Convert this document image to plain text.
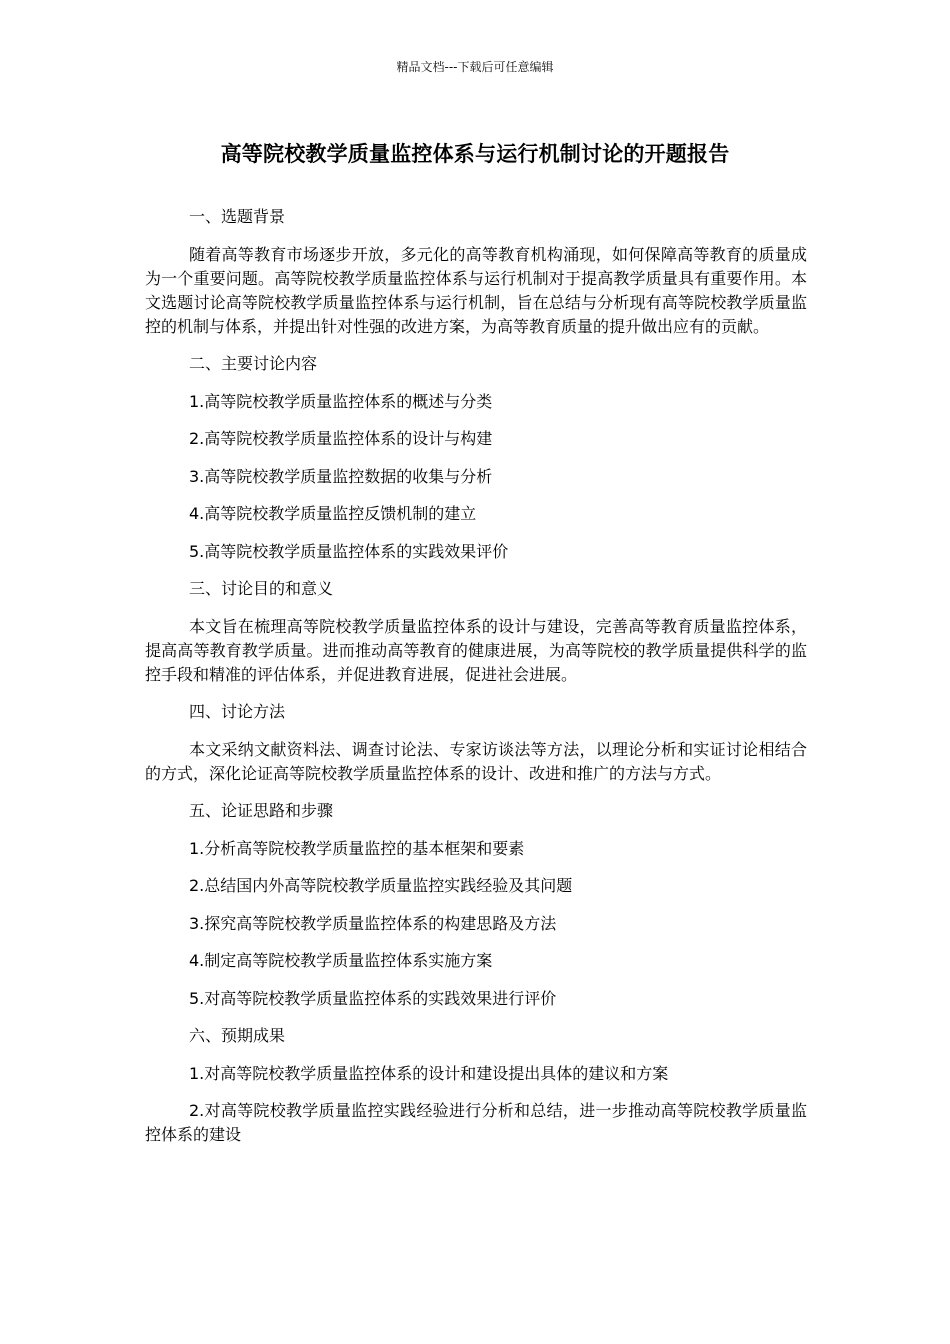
精品文档---下载后可任意编辑
高等院校教学质量监控体系与运行机制讨论的开题报告

一、选题背景

随着高等教育市场逐步开放，多元化的高等教育机构涌现，如何保障高等教育的质量成为一个重要问题。高等院校教学质量监控体系与运行机制对于提高教学质量具有重要作用。本文选题讨论高等院校教学质量监控体系与运行机制，旨在总结与分析现有高等院校教学质量监控的机制与体系，并提出针对性强的改进方案，为高等教育质量的提升做出应有的贡献。

二、主要讨论内容

1.高等院校教学质量监控体系的概述与分类

2.高等院校教学质量监控体系的设计与构建

3.高等院校教学质量监控数据的收集与分析

4.高等院校教学质量监控反馈机制的建立

5.高等院校教学质量监控体系的实践效果评价

三、讨论目的和意义

本文旨在梳理高等院校教学质量监控体系的设计与建设，完善高等教育质量监控体系，提高高等教育教学质量。进而推动高等教育的健康进展，为高等院校的教学质量提供科学的监控手段和精准的评估体系，并促进教育进展，促进社会进展。

四、讨论方法

本文采纳文献资料法、调查讨论法、专家访谈法等方法，以理论分析和实证讨论相结合的方式，深化论证高等院校教学质量监控体系的设计、改进和推广的方法与方式。

五、论证思路和步骤

1.分析高等院校教学质量监控的基本框架和要素

2.总结国内外高等院校教学质量监控实践经验及其问题

3.探究高等院校教学质量监控体系的构建思路及方法

4.制定高等院校教学质量监控体系实施方案

5.对高等院校教学质量监控体系的实践效果进行评价

六、预期成果

1.对高等院校教学质量监控体系的设计和建设提出具体的建议和方案

2.对高等院校教学质量监控实践经验进行分析和总结，进一步推动高等院校教学质量监控体系的建设
